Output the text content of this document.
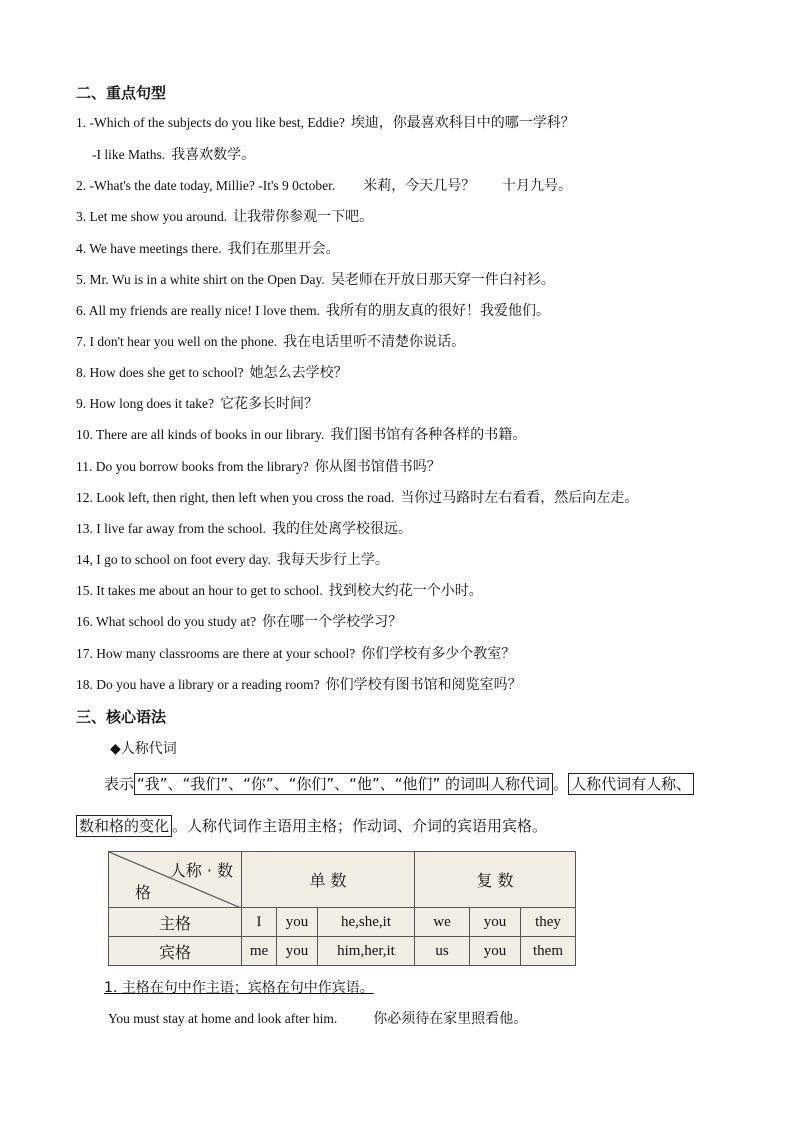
二、重点句型
1. -Which of the subjects do you like best, Eddie? 埃迪，你最喜欢科目中的哪一学科？
-I like Maths. 我喜欢数学。
2. -What's the date today, Millie? -It's 9 0ctober. 米莉，今天几号？      十月九号。
3. Let me show you around. 让我带你参观一下吧。
4. We have meetings there. 我们在那里开会。
5. Mr. Wu is in a white shirt on the Open Day. 吴老师在开放日那天穿一件白衬衫。
6. All my friends are really nice! I love them. 我所有的朋友真的很好！我爱他们。
7. I don't hear you well on the phone. 我在电话里听不清楚你说话。
8. How does she get to school? 她怎么去学校？
9. How long does it take? 它花多长时间？
10. There are all kinds of books in our library. 我们图书馆有各种各样的书籍。
11. Do you borrow books from the library? 你从图书馆借书吗？
12. Look left, then right, then left when you cross the road. 当你过马路时左右看看，然后向左走。
13. I live far away from the school. 我的住处离学校很远。
14, I go to school on foot every day. 我每天步行上学。
15. It takes me about an hour to get to school. 找到校大约花一个小时。
16. What school do you study at? 你在哪一个学校学习？
17. How many classrooms are there at your school? 你们学校有多少个教室？
18. Do you have a library or a reading room? 你们学校有图书馆和阅览室吗？
三、核心语法
◆人称代词
表示 “我”、“我们”、“你”、“你们”、“他”、“他们” 的词叫人称代词 。 人称代词有人称、
数和格的变化 。人称代词作主语用主格；作动词、介词的宾语用宾格。
人称 · 数
格	单 数			复 数		
主格	I	you	he,she,it	we	you	they
宾格	me	you	him,her,it	us	you	them
1. 主格在句中作主语；宾格在句中作宾语。
You must stay at home and look after him.	你必须待在家里照看他。
